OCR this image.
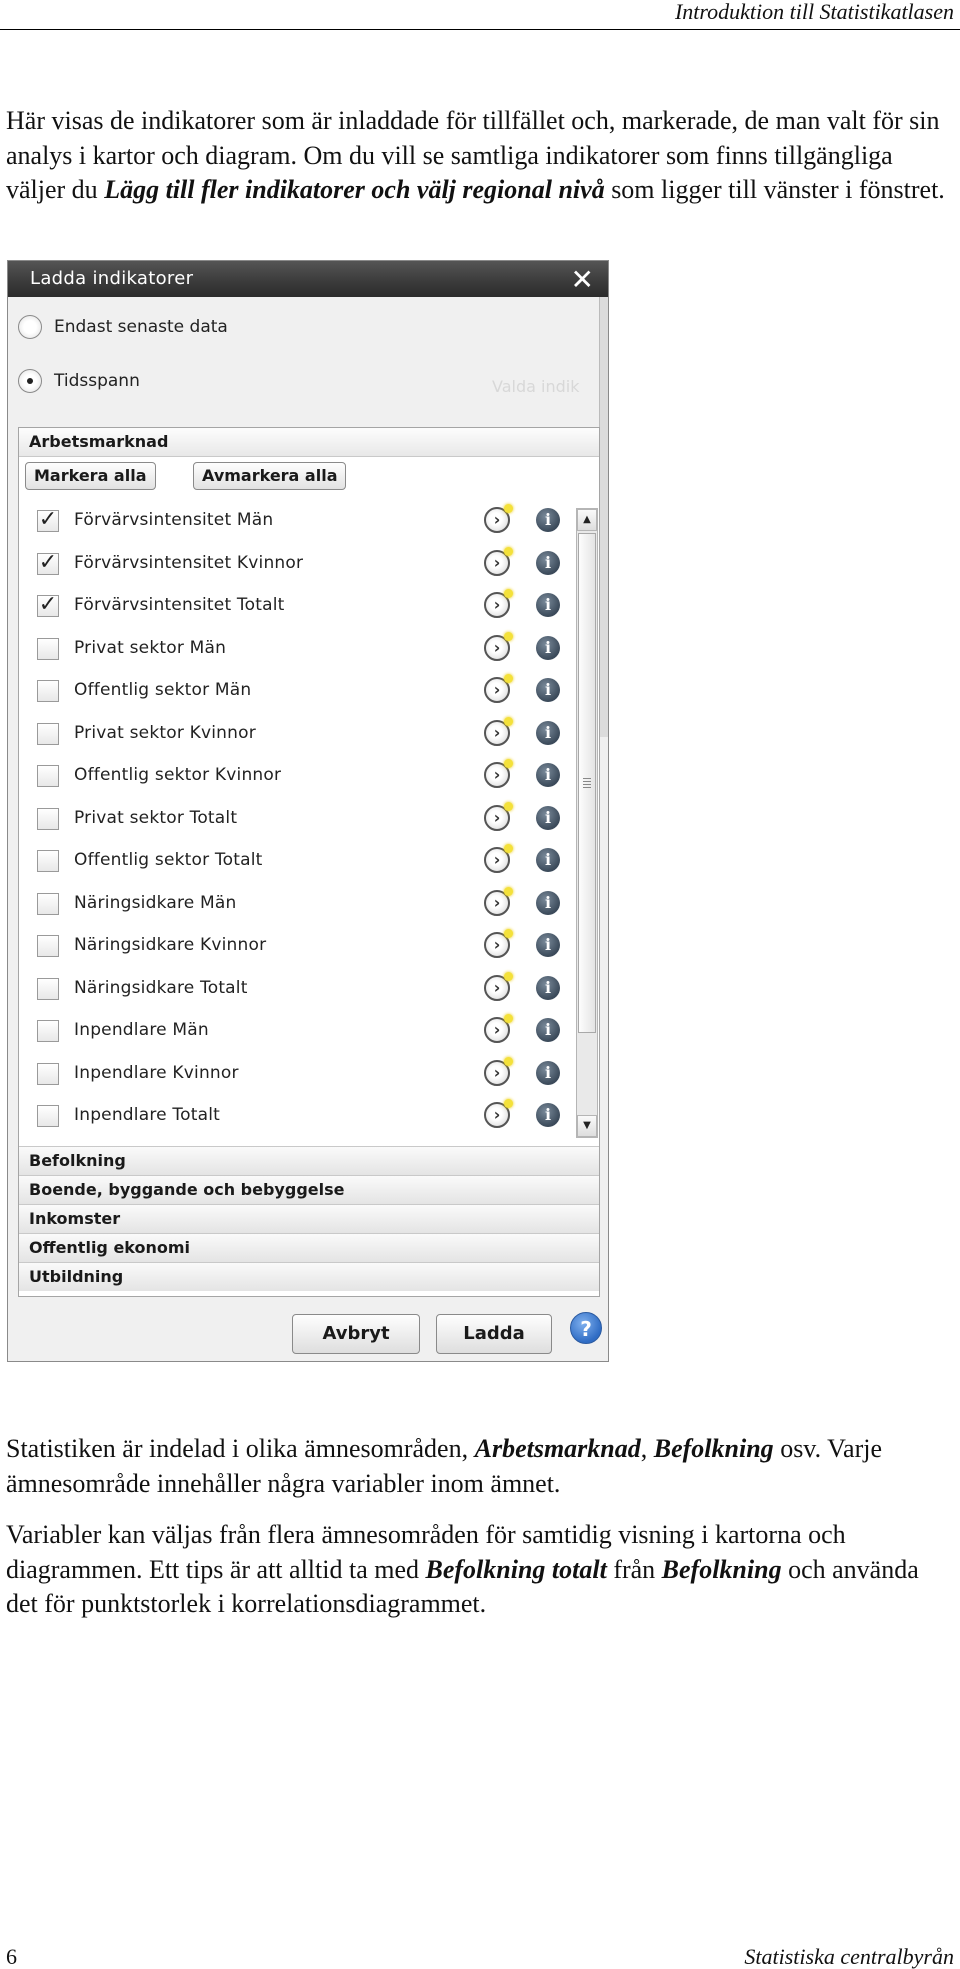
Introduktion till Statistikatlasen
Här visas de indikatorer som är inladdade för tillfället och, markerade, de man valt för sin analys i kartor och diagram. Om du vill se samtliga indikatorer som finns tillgängliga väljer du Lägg till fler indikatorer och välj regional nivå som ligger till vänster i fönstret.
Ladda indikatorer	✕
Valda indik
Endast senaste data
Tidsspann
Arbetsmarknad
Markera alla	Avmarkera alla
✓ Förvärvsintensitet Män	›	i
✓ Förvärvsintensitet Kvinnor	›	i
✓ Förvärvsintensitet Totalt	›	i
Privat sektor Män	›	i
Offentlig sektor Män	›	i
Privat sektor Kvinnor	›	i
Offentlig sektor Kvinnor	›	i
Privat sektor Totalt	›	i
Offentlig sektor Totalt	›	i
Näringsidkare Män	›	i
Näringsidkare Kvinnor	›	i
Näringsidkare Totalt	›	i
Inpendlare Män	›	i
Inpendlare Kvinnor	›	i
Inpendlare Totalt	›	i
▲
▼
Befolkning
Boende, byggande och bebyggelse
Inkomster
Offentlig ekonomi
Utbildning
Avbryt	Ladda	?
Statistiken är indelad i olika ämnesområden, Arbetsmarknad, Befolkning osv. Varje ämnesområde innehåller några variabler inom ämnet.
Variabler kan väljas från flera ämnesområden för samtidig visning i kartorna och diagrammen. Ett tips är att alltid ta med Befolkning totalt från Befolkning och använda det för punktstorlek i korrelationsdiagrammet.
6	Statistiska centralbyrån
